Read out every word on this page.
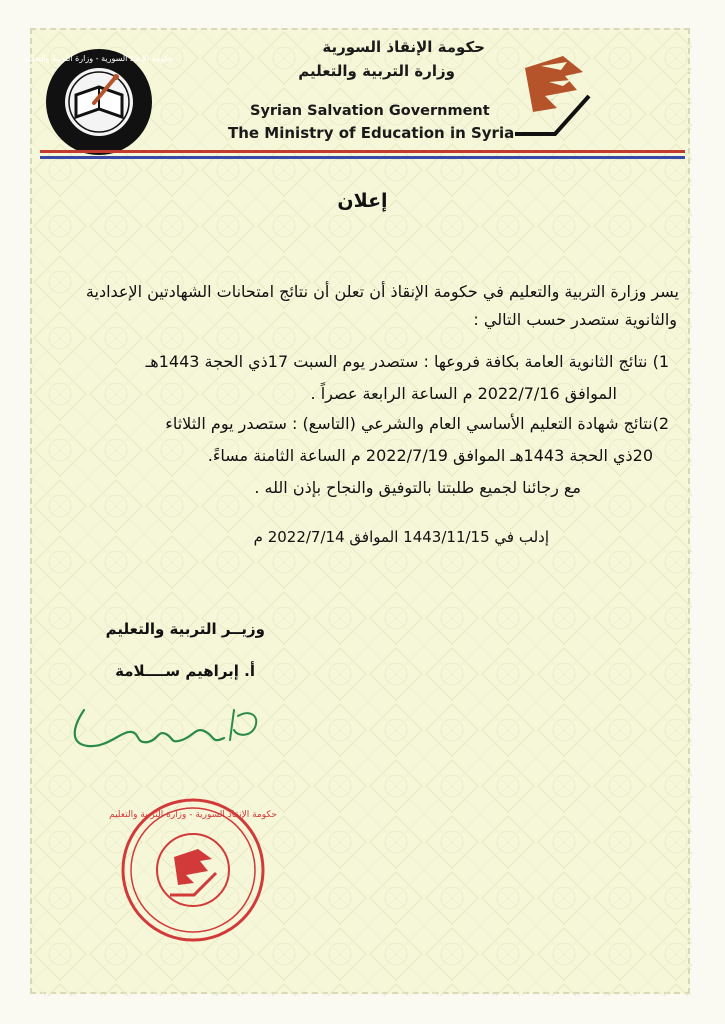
حكومة الإنقاذ السورية - وزارة التربية والتعليم
سوريا
حكومة الإنقاذ السورية
وزارة التربية والتعليم
Syrian Salvation Government
The Ministry of Education in Syria
إعلان
يسر وزارة التربية والتعليم في حكومة الإنقاذ أن تعلن أن نتائج امتحانات الشهادتين الإعدادية
والثانوية ستصدر حسب التالي :
1) نتائج الثانوية العامة بكافة فروعها : ستصدر يوم السبت 17ذي الحجة 1443هـ
الموافق 2022/7/16 م الساعة الرابعة عصراً .
2)نتائج شهادة التعليم الأساسي العام والشرعي (التاسع) : ستصدر يوم الثلاثاء
20ذي الحجة 1443هـ الموافق 2022/7/19 م الساعة الثامنة مساءً.
مع رجائنا لجميع طلبتنا بالتوفيق والنجاح بإذن الله .
إدلب في 1443/11/15 الموافق 2022/7/14 م
وزيــر التربية والتعليم
أ. إبراهيم ســــلامة
حكومة الإنقاذ السورية - وزارة التربية والتعليم
